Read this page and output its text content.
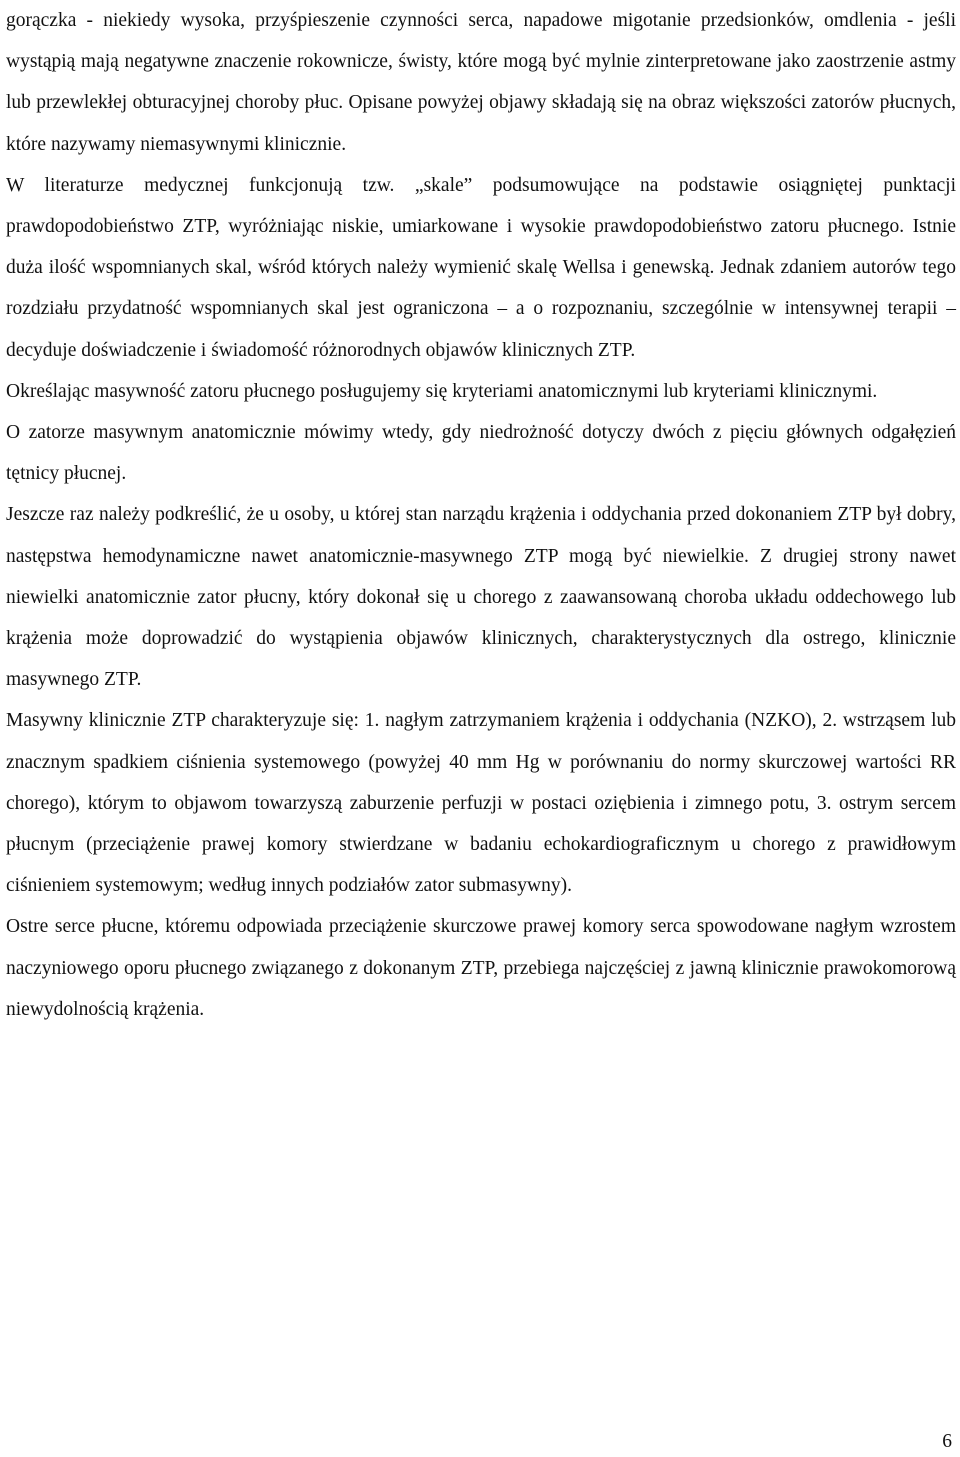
gorączka - niekiedy wysoka, przyśpieszenie czynności serca, napadowe migotanie przedsionków, omdlenia - jeśli wystąpią mają negatywne znaczenie rokownicze, świsty, które mogą być mylnie zinterpretowane jako zaostrzenie astmy lub przewlekłej obturacyjnej choroby płuc. Opisane powyżej objawy składają się na obraz większości zatorów płucnych, które nazywamy niemasywnymi klinicznie.

W literaturze medycznej funkcjonują tzw. „skale” podsumowujące na podstawie osiągniętej punktacji prawdopodobieństwo ZTP, wyróżniając niskie, umiarkowane i wysokie prawdopodobieństwo zatoru płucnego. Istnie duża ilość wspomnianych skal, wśród których należy wymienić skalę Wellsa i genewską. Jednak zdaniem autorów tego rozdziału przydatność wspomnianych skal jest ograniczona – a o rozpoznaniu, szczególnie w intensywnej terapii – decyduje doświadczenie i świadomość różnorodnych objawów klinicznych ZTP.

Określając masywność zatoru płucnego posługujemy się kryteriami anatomicznymi lub kryteriami klinicznymi.

O zatorze masywnym anatomicznie mówimy wtedy, gdy niedrożność dotyczy dwóch z pięciu głównych odgałęzień tętnicy płucnej.

Jeszcze raz należy podkreślić, że u osoby, u której stan narządu krążenia i oddychania przed dokonaniem ZTP był dobry, następstwa hemodynamiczne nawet anatomicznie-masywnego ZTP mogą być niewielkie. Z drugiej strony nawet niewielki anatomicznie zator płucny, który dokonał się u chorego z zaawansowaną choroba układu oddechowego lub krążenia może doprowadzić do wystąpienia objawów klinicznych, charakterystycznych dla ostrego, klinicznie masywnego ZTP.

Masywny klinicznie ZTP charakteryzuje się: 1. nagłym zatrzymaniem krążenia i oddychania (NZKO), 2. wstrząsem lub znacznym spadkiem ciśnienia systemowego (powyżej 40 mm Hg w porównaniu do normy skurczowej wartości RR chorego), którym to objawom towarzyszą zaburzenie perfuzji w postaci oziębienia i zimnego potu, 3. ostrym sercem płucnym (przeciążenie prawej komory stwierdzane w badaniu echokardiograficznym u chorego z prawidłowym ciśnieniem systemowym; według innych podziałów zator submasywny).

Ostre serce płucne, któremu odpowiada przeciążenie skurczowe prawej komory serca spowodowane nagłym wzrostem naczyniowego oporu płucnego związanego z dokonanym ZTP, przebiega najczęściej z jawną klinicznie prawokomorową niewydolnością krążenia.

6
